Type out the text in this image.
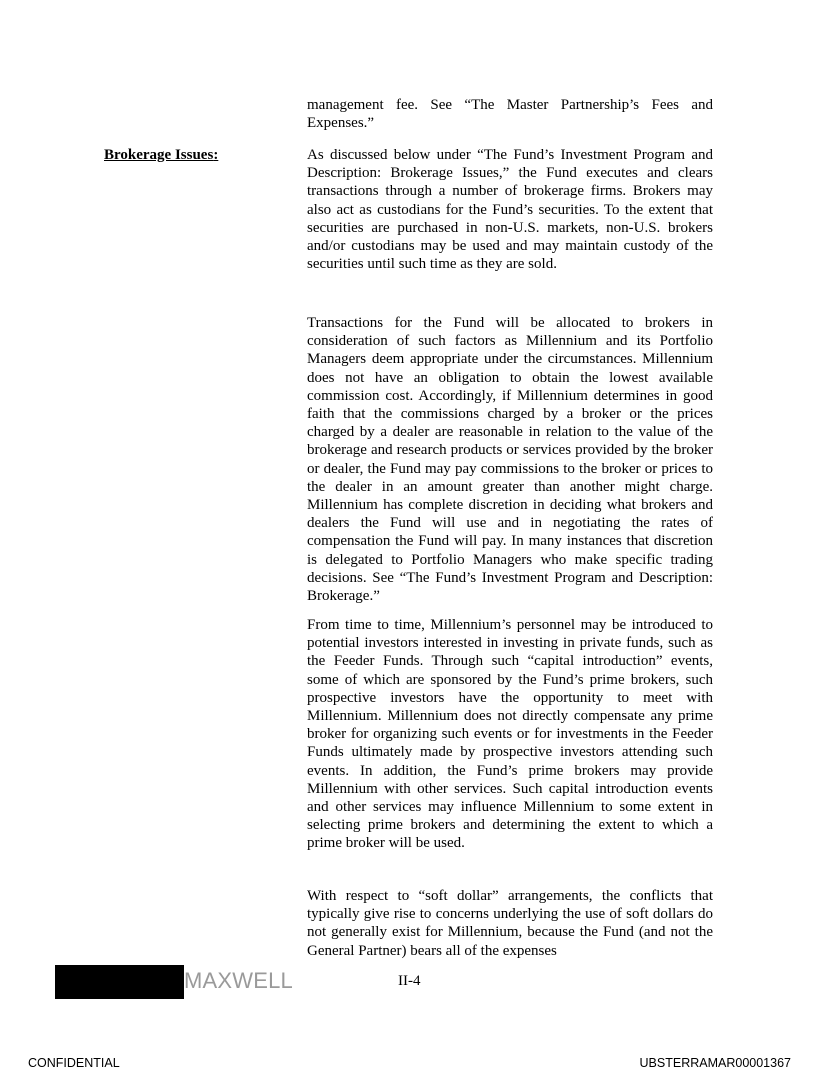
management fee. See “The Master Partnership’s Fees and Expenses.”

Brokerage Issues:	As discussed below under “The Fund’s Investment Program and Description: Brokerage Issues,” the Fund executes and clears transactions through a number of brokerage firms. Brokers may also act as custodians for the Fund’s securities. To the extent that securities are purchased in non-U.S. markets, non-U.S. brokers and/or custodians may be used and may maintain custody of the securities until such time as they are sold.

Transactions for the Fund will be allocated to brokers in consideration of such factors as Millennium and its Portfolio Managers deem appropriate under the circumstances. Millennium does not have an obligation to obtain the lowest available commission cost. Accordingly, if Millennium determines in good faith that the commissions charged by a broker or the prices charged by a dealer are reasonable in relation to the value of the brokerage and research products or services provided by the broker or dealer, the Fund may pay commissions to the broker or prices to the dealer in an amount greater than another might charge. Millennium has complete discretion in deciding what brokers and dealers the Fund will use and in negotiating the rates of compensation the Fund will pay. In many instances that discretion is delegated to Portfolio Managers who make specific trading decisions. See “The Fund’s Investment Program and Description: Brokerage.”

From time to time, Millennium’s personnel may be introduced to potential investors interested in investing in private funds, such as the Feeder Funds. Through such “capital introduction” events, some of which are sponsored by the Fund’s prime brokers, such prospective investors have the opportunity to meet with Millennium. Millennium does not directly compensate any prime broker for organizing such events or for investments in the Feeder Funds ultimately made by prospective investors attending such events. In addition, the Fund’s prime brokers may provide Millennium with other services. Such capital introduction events and other services may influence Millennium to some extent in selecting prime brokers and determining the extent to which a prime broker will be used.

With respect to “soft dollar” arrangements, the conflicts that typically give rise to concerns underlying the use of soft dollars do not generally exist for Millennium, because the Fund (and not the General Partner) bears all of the expenses

MAXWELL	II-4
CONFIDENTIAL	UBSTERRAMAR00001367
